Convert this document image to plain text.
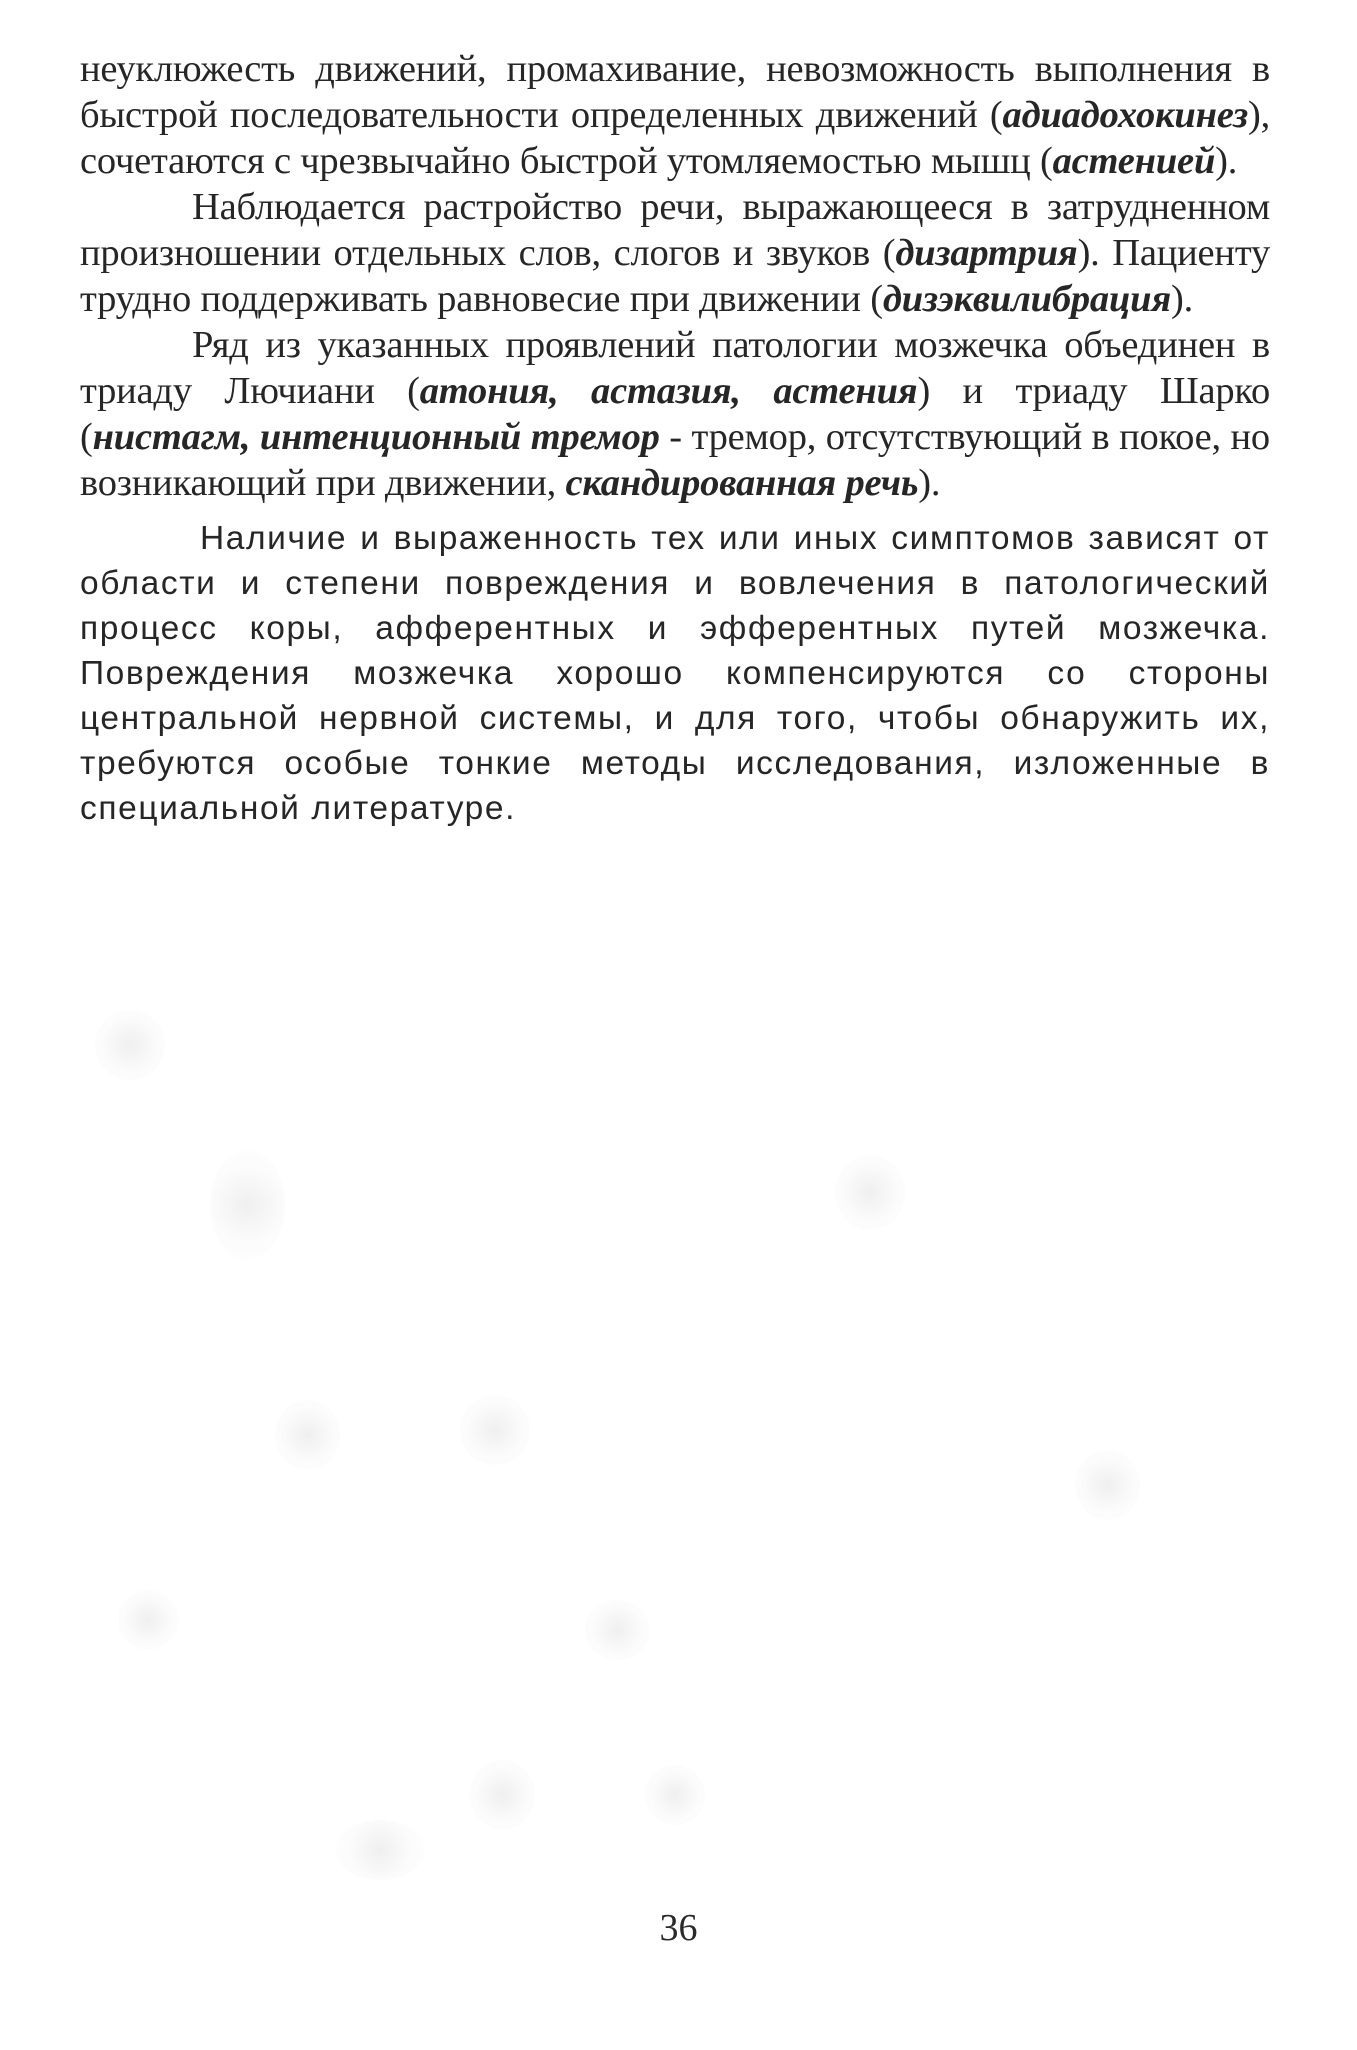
неуклюжесть движений, промахивание, невозможность выполнения в быстрой последовательности определенных движений (адиадохокинез), сочетаются с чрезвычайно быстрой утомляемостью мышц (астенией).

Наблюдается растройство речи, выражающееся в затрудненном произношении отдельных слов, слогов и звуков (дизартрия). Пациенту трудно поддерживать равновесие при движении (дизэквилибрация).

Ряд из указанных проявлений патологии мозжечка объединен в триаду Лючиани (атония, астазия, астения) и триаду Шарко (нистагм, интенционный тремор - тремор, отсутствующий в покое, но возникающий при движении, скандированная речь).

Наличие и выраженность тех или иных симптомов зависят от области и степени повреждения и вовлечения в патологический процесс коры, афферентных и эфферентных путей мозжечка. Повреждения мозжечка хорошо компенсируются со стороны центральной нервной системы, и для того, чтобы обнаружить их, требуются особые тонкие методы исследования, изложенные в специальной литературе.

36
